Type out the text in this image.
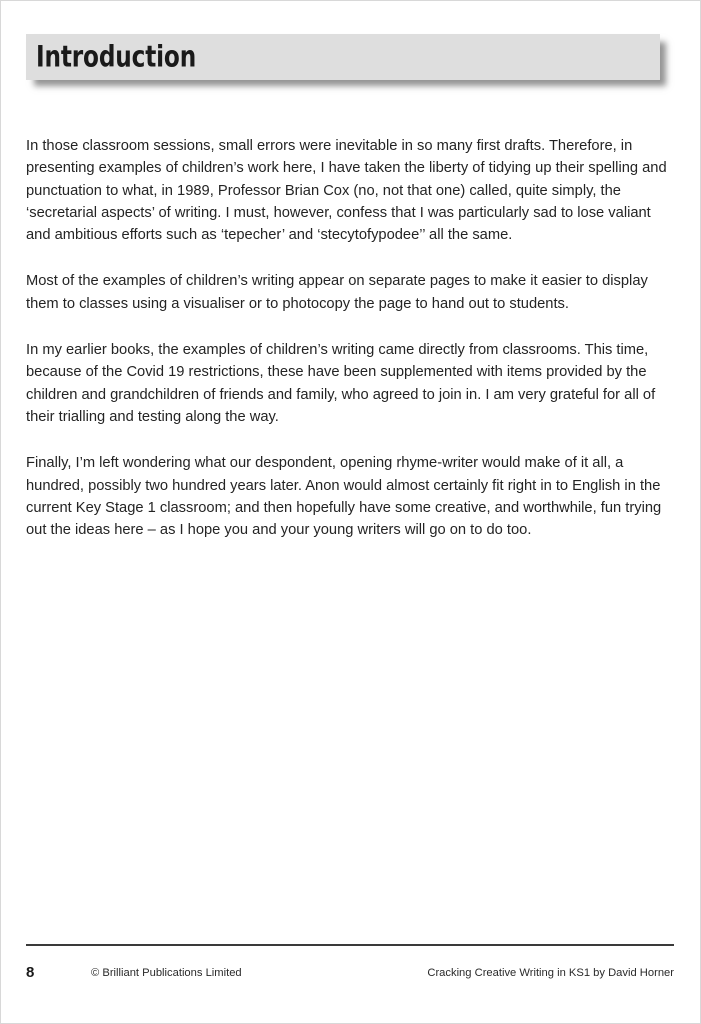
Introduction

In those classroom sessions, small errors were inevitable in so many first drafts. Therefore, in presenting examples of children’s work here, I have taken the liberty of tidying up their spelling and punctuation to what, in 1989, Professor Brian Cox (no, not that one) called, quite simply, the ‘secretarial aspects’ of writing. I must, however, confess that I was particularly sad to lose valiant and ambitious efforts such as ‘tepecher’ and ‘stecytofypodee’’ all the same.

Most of the examples of children’s writing appear on separate pages to make it easier to display them to classes using a visualiser or to photocopy the page to hand out to students.

In my earlier books, the examples of children’s writing came directly from classrooms. This time, because of the Covid 19 restrictions, these have been supplemented with items provided by the children and grandchildren of friends and family, who agreed to join in. I am very grateful for all of their trialling and testing along the way.

Finally, I’m left wondering what our despondent, opening rhyme-writer would make of it all, a hundred, possibly two hundred years later. Anon would almost certainly fit right in to English in the current Key Stage 1 classroom; and then hopefully have some creative, and worthwhile, fun trying out the ideas here – as I hope you and your young writers will go on to do too.

8	© Brilliant Publications Limited	Cracking Creative Writing in KS1 by David Horner
